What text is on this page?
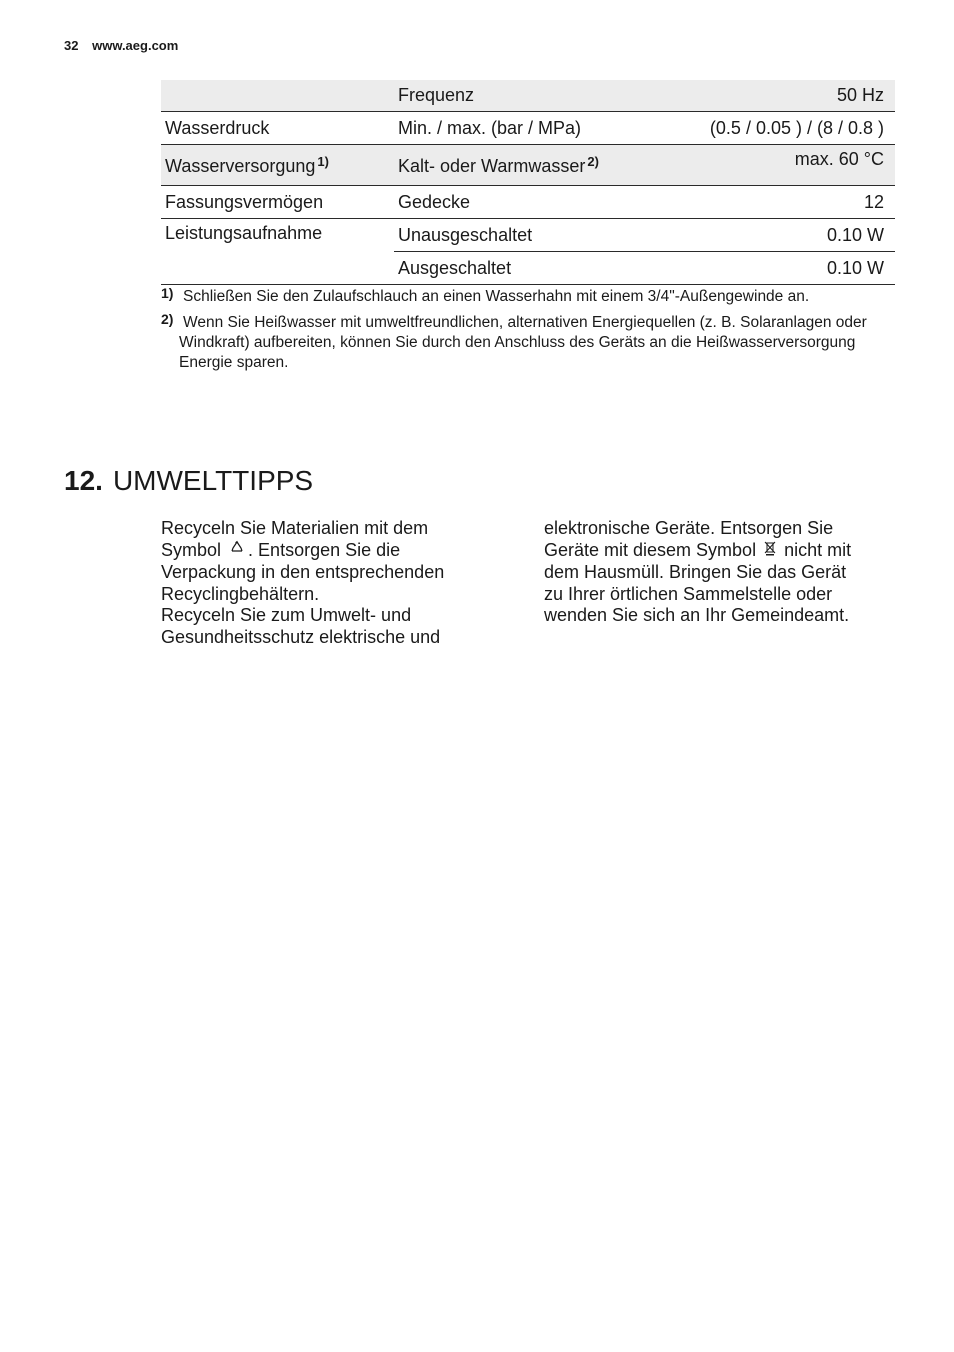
32 www.aeg.com
	Frequenz	50 Hz
Wasserdruck	Min. / max. (bar / MPa)	(0.5 / 0.05 ) / (8 / 0.8 )
Wasserversorgung $^{1)}$	Kalt- oder Warmwasser $^{2)}$	max. 60 °C
Fassungsvermögen	Gedecke	12
Leistungsaufnahme	Unausgeschaltet	0.10 W
	Ausgeschaltet	0.10 W
1) Schließen Sie den Zulaufschlauch an einen Wasserhahn mit einem 3/4"-Außengewinde an.
2) Wenn Sie Heißwasser mit umweltfreundlichen, alternativen Energiequellen (z. B. Solaranlagen oder Windkraft) aufbereiten, können Sie durch den Anschluss des Geräts an die Heißwasserversorgung Energie sparen.
12. UMWELTTIPPS

Recyceln Sie Materialien mit dem Symbol . Entsorgen Sie die Verpackung in den entsprechenden Recyclingbehältern.

Recyceln Sie zum Umwelt- und Gesundheitsschutz elektrische und

elektronische Geräte. Entsorgen Sie Geräte mit diesem Symbol nicht mit dem Hausmüll. Bringen Sie das Gerät zu Ihrer örtlichen Sammelstelle oder wenden Sie sich an Ihr Gemeindeamt.
